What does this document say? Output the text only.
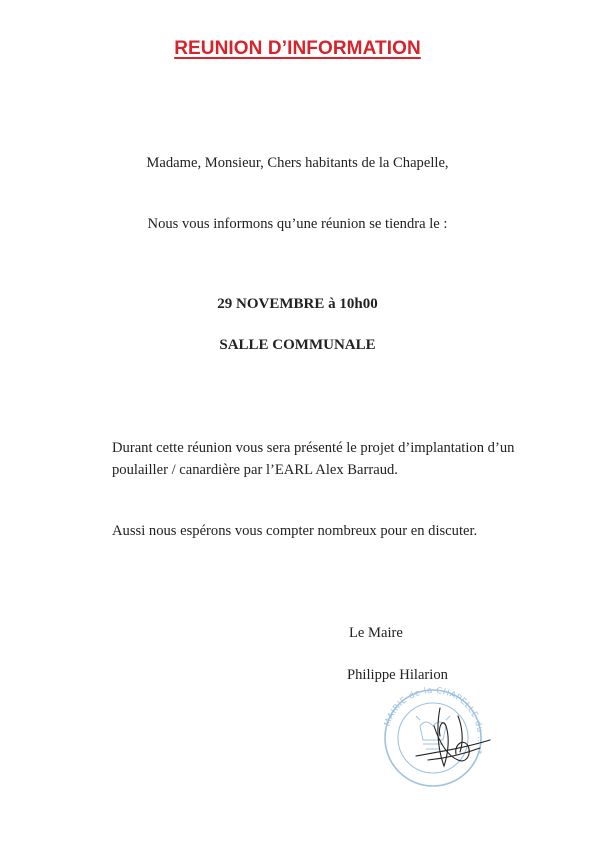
REUNION D’INFORMATION
Madame, Monsieur, Chers habitants de la Chapelle,
Nous vous informons qu’une réunion se tiendra le :
29 NOVEMBRE à 10h00
SALLE COMMUNALE
Durant cette réunion vous sera présenté le projet d’implantation d’un
poulailler / canardière par l’EARL Alex Barraud.
Aussi nous espérons vous compter nombreux pour en discuter.
Le Maire
Philippe Hilarion
MAIRIE de la CHAPELLE du ... *
